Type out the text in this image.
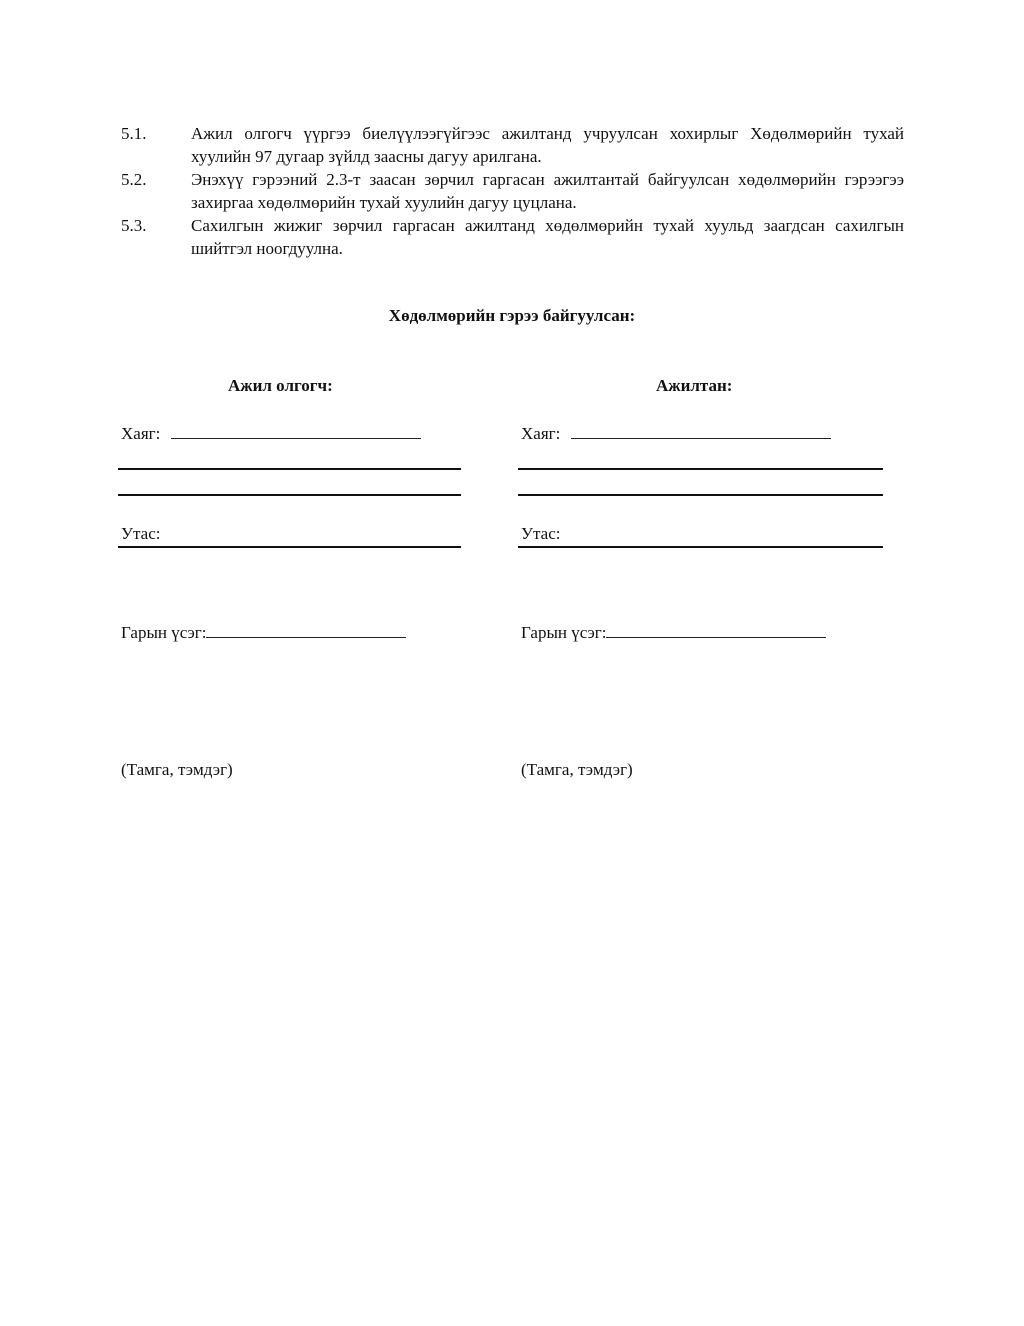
5.1.	Ажил олгогч үүргээ биелүүлээгүйгээс ажилтанд учруулсан хохирлыг Хөдөлмөрийн тухай хуулийн 97 дугаар зүйлд заасны дагуу арилгана.
5.2.	Энэхүү гэрээний 2.3-т заасан зөрчил гаргасан ажилтантай байгуулсан хөдөлмөрийн гэрээгээ захиргаа хөдөлмөрийн тухай хуулийн дагуу цуцлана.
5.3.	Сахилгын жижиг зөрчил гаргасан ажилтанд хөдөлмөрийн тухай хуульд заагдсан сахилгын шийтгэл ноогдуулна.
Хөдөлмөрийн гэрээ байгуулсан:
Ажил олгогч:	Ажилтан:
Хаяг:	Хаяг:
Утас:	Утас:
Гарын үсэг:	Гарын үсэг:
(Тамга, тэмдэг)	(Тамга, тэмдэг)
